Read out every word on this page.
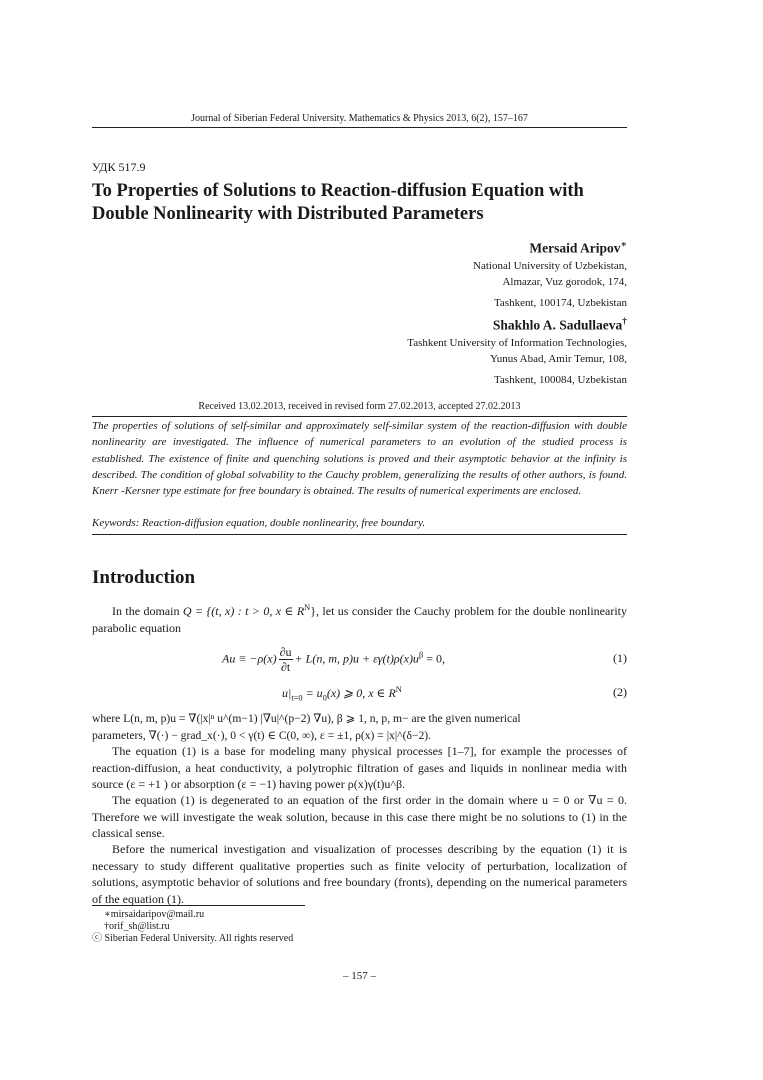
Journal of Siberian Federal University. Mathematics & Physics 2013, 6(2), 157–167
УДК 517.9
To Properties of Solutions to Reaction-diffusion Equation with Double Nonlinearity with Distributed Parameters
Mersaid Aripov∗
National University of Uzbekistan,
Almazar, Vuz gorodok, 174,
Tashkent, 100174, Uzbekistan
Shakhlo A. Sadullaeva†
Tashkent University of Information Technologies,
Yunus Abad, Amir Temur, 108,
Tashkent, 100084, Uzbekistan
Received 13.02.2013, received in revised form 27.02.2013, accepted 27.02.2013
The properties of solutions of self-similar and approximately self-similar system of the reaction-diffusion with double nonlinearity are investigated. The influence of numerical parameters to an evolution of the studied process is established. The existence of finite and quenching solutions is proved and their asymptotic behavior at the infinity is described. The condition of global solvability to the Cauchy problem, generalizing the results of other authors, is found. Knerr -Kersner type estimate for free boundary is obtained. The results of numerical experiments are enclosed.
Keywords: Reaction-diffusion equation, double nonlinearity, free boundary.
Introduction
In the domain Q = {(t, x) : t > 0, x ∈ $R^N$}, let us consider the Cauchy problem for the double nonlinearity parabolic equation
$Au \equiv -\rho(x) \frac{\partial u}{\partial t} + L(n$, m, $p)u + \varepsilon\gamma(t)\rho(x)u^\beta = 0$,	(1)
$u|_{t=0} = u_0(x)$ ⩾ 0, x ∈ $R^N$	(2)
where L(n, m, p)u = ∇(|x|ⁿ u^(m−1) |∇u|^(p−2) ∇u), β ⩾ 1, n, p, m− are the given numerical
parameters, ∇(·) − grad_x(·), 0 < γ(t) ∈ C(0, ∞), ε = ±1, ρ(x) = |x|^(δ−2).
The equation (1) is a base for modeling many physical processes [1–7], for example the processes of reaction-diffusion, a heat conductivity, a polytrophic filtration of gases and liquids in nonlinear media with source (ε = +1 ) or absorption (ε = −1) having power ρ(x)γ(t)u^β.
The equation (1) is degenerated to an equation of the first order in the domain where u = 0 or ∇u = 0. Therefore we will investigate the weak solution, because in this case there might be no solutions to (1) in the classical sense.
Before the numerical investigation and visualization of processes describing by the equation (1) it is necessary to study different qualitative properties such as finite velocity of perturbation, localization of solutions, asymptotic behavior of solutions and free boundary (fronts), depending on the numerical parameters of the equation (1).
∗mirsaidaripov@mail.ru
†orif_sh@list.ru
ⓒ Siberian Federal University. All rights reserved
– 157 –
